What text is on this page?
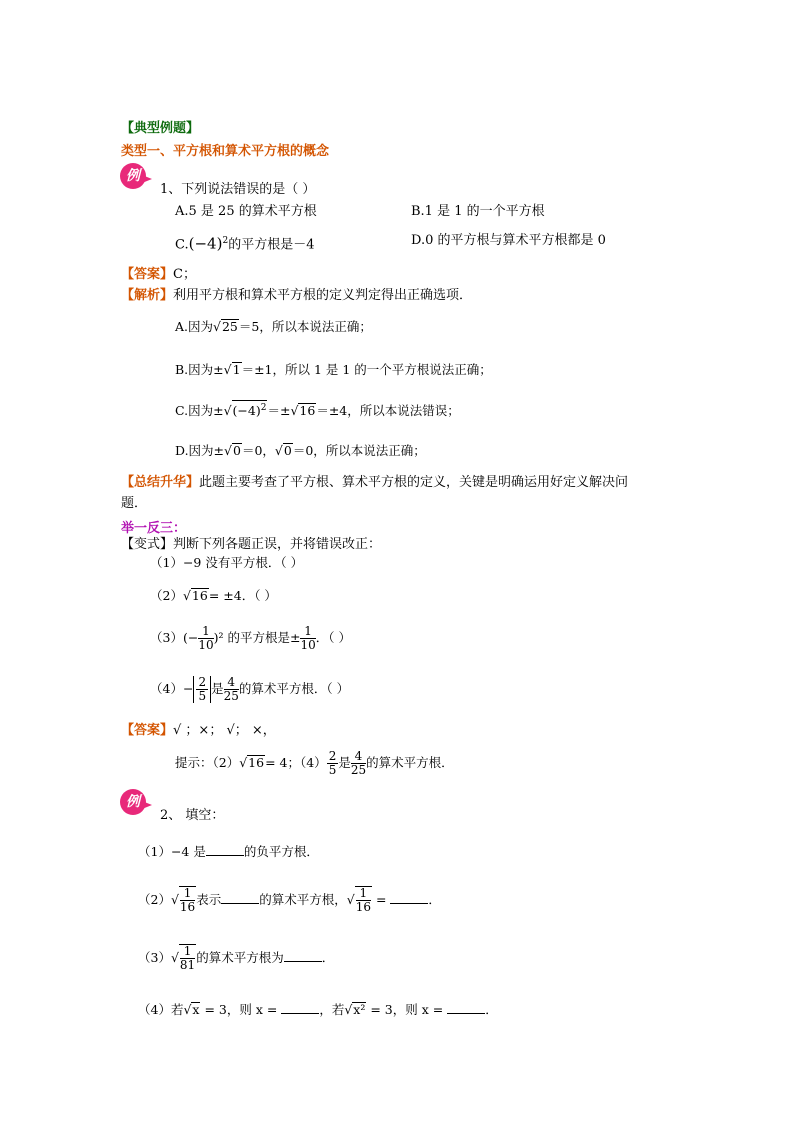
【典型例题】
类型一、平方根和算术平方根的概念
例
1、下列说法错误的是（ ）
A.5 是 25 的算术平方根	B.1 是 1 的一个平方根
$C.(-4)^2$的平方根是－4	D.0 的平方根与算术平方根都是 0
【答案】C；
【解析】利用平方根和算术平方根的定义判定得出正确选项．
A.因为√25＝5，所以本说法正确；
B.因为±√1＝±1，所以 1 是 1 的一个平方根说法正确；
C.因为$\pm√(-4)^2=\pm√16=\pm 4$，所以本说法错误；
D.因为±√0＝0，√0＝0，所以本说法正确；
【总结升华】此题主要考查了平方根、算术平方根的定义，关键是明确运用好定义解决问
题．
举一反三：
【变式】判断下列各题正误，并将错误改正：
（1）−9 没有平方根．（ ）
（2）√16= ±4．（ ）
$(3)(- \frac{1}{10} )^2$ 的平方根是± $\frac{1}{10}$ ．（ ）
$(4)- \frac{2}{5}$ 是 $\frac{4}{25}$ 的算术平方根．（ ）
【答案】√ ；×； √； ×，
提示：（2）√16= 4；$(4) \frac{2}{5}$ 是 $\frac{4}{25}$ 的算术平方根．
例
2、 填空：
（1）−4 是	的负平方根．
$(2)√ \frac{1}{16}$ 表示	的算术平方根，√ $\frac{1}{16}$ =	．
$(3)√ \frac{1}{81}$ 的算术平方根为	．
（4）若√x = 3，则 x =	，若√x² = 3，则 x =	．
